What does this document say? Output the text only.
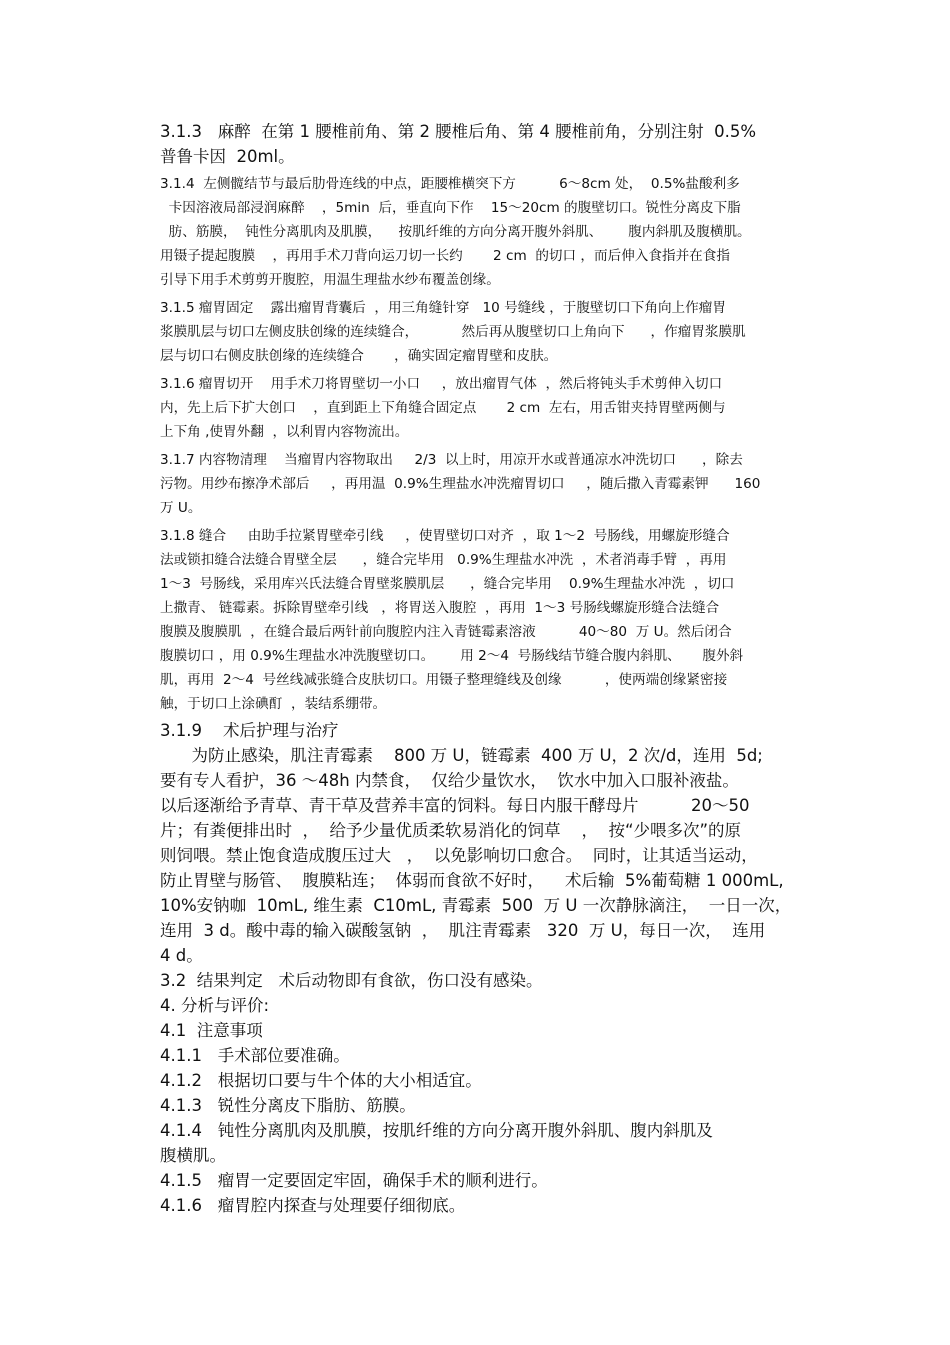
3.1.3   麻醉  在第 1 腰椎前角、第 2 腰椎后角、第 4 腰椎前角，分别注射  0.5%
普鲁卡因  20ml。
3.1.4  左侧髋结节与最后肋骨连线的中点，距腰椎横突下方          6～8cm 处，  0.5%盐酸利多
卡因溶液局部浸润麻醉    ，5min  后，垂直向下作    15～20cm 的腹壁切口。锐性分离皮下脂
肪、筋膜，  钝性分离肌肉及肌膜，    按肌纤维的方向分离开腹外斜肌、      腹内斜肌及腹横肌。
用镊子提起腹膜    ，再用手术刀背向运刀切一长约       2 cm  的切口 ，而后伸入食指并在食指
引导下用手术剪剪开腹腔，用温生理盐水纱布覆盖创缘。
3.1.5 瘤胃固定    露出瘤胃背囊后  ，用三角缝针穿   10 号缝线 ，于腹壁切口下角向上作瘤胃
浆膜肌层与切口左侧皮肤创缘的连续缝合，          然后再从腹壁切口上角向下      ，作瘤胃浆膜肌
层与切口右侧皮肤创缘的连续缝合       ，确实固定瘤胃壁和皮肤。
3.1.6 瘤胃切开    用手术刀将胃壁切一小口     ，放出瘤胃气体  ，然后将钝头手术剪伸入切口
内，先上后下扩大创口    ，直到距上下角缝合固定点       2 cm  左右，用舌钳夹持胃壁两侧与
上下角 ,使胃外翻  ，以利胃内容物流出。
3.1.7 内容物清理    当瘤胃内容物取出     2/3  以上时，用凉开水或普通凉水冲洗切口      ，除去
污物。用纱布擦净术部后     ，再用温  0.9%生理盐水冲洗瘤胃切口     ，随后撒入青霉素钾      160
万 U。
3.1.8 缝合     由助手拉紧胃壁牵引线     ，使胃壁切口对齐  ，取 1～2  号肠线，用螺旋形缝合
法或锁扣缝合法缝合胃壁全层      ，缝合完毕用   0.9%生理盐水冲洗  ，术者消毒手臂  ，再用
1～3  号肠线，采用库兴氏法缝合胃壁浆膜肌层      ，缝合完毕用    0.9%生理盐水冲洗  ，切口
上撒青、 链霉素。拆除胃壁牵引线   ，将胃送入腹腔  ，再用  1～3 号肠线螺旋形缝合法缝合
腹膜及腹膜肌  ，在缝合最后两针前向腹腔内注入青链霉素溶液          40～80  万 U。然后闭合
腹膜切口 ，用 0.9%生理盐水冲洗腹壁切口。      用 2～4  号肠线结节缝合腹内斜肌、     腹外斜
肌，再用  2～4  号丝线减张缝合皮肤切口。用镊子整理缝线及创缘          ，使两端创缘紧密接
触，于切口上涂碘酊  ，装结系绷带。
3.1.9    术后护理与治疗
为防止感染，肌注青霉素    800 万 U，链霉素  400 万 U，2 次/d，连用  5d;
要有专人看护，36 ～48h 内禁食，  仅给少量饮水，  饮水中加入口服补液盐。
以后逐渐给予青草、青干草及营养丰富的饲料。每日内服干酵母片          20～50
片；有粪便排出时  ，  给予少量优质柔软易消化的饲草    ，  按“少喂多次”的原
则饲喂。禁止饱食造成腹压过大   ，  以免影响切口愈合。  同时，让其适当运动，
防止胃壁与肠管、  腹膜粘连；  体弱而食欲不好时，    术后输  5%葡萄糖 1 000mL,
10%安钠咖  10mL, 维生素  C10mL, 青霉素  500  万 U 一次静脉滴注，  一日一次，
连用  3 d。酸中毒的输入碳酸氢钠  ，  肌注青霉素   320  万 U，每日一次，  连用
4 d。
3.2  结果判定   术后动物即有食欲，伤口没有感染。
4. 分析与评价:
4.1  注意事项
4.1.1   手术部位要准确。
4.1.2   根据切口要与牛个体的大小相适宜。
4.1.3   锐性分离皮下脂肪、筋膜。
4.1.4   钝性分离肌肉及肌膜，按肌纤维的方向分离开腹外斜肌、腹内斜肌及
腹横肌。
4.1.5   瘤胃一定要固定牢固，确保手术的顺利进行。
4.1.6   瘤胃腔内探查与处理要仔细彻底。
